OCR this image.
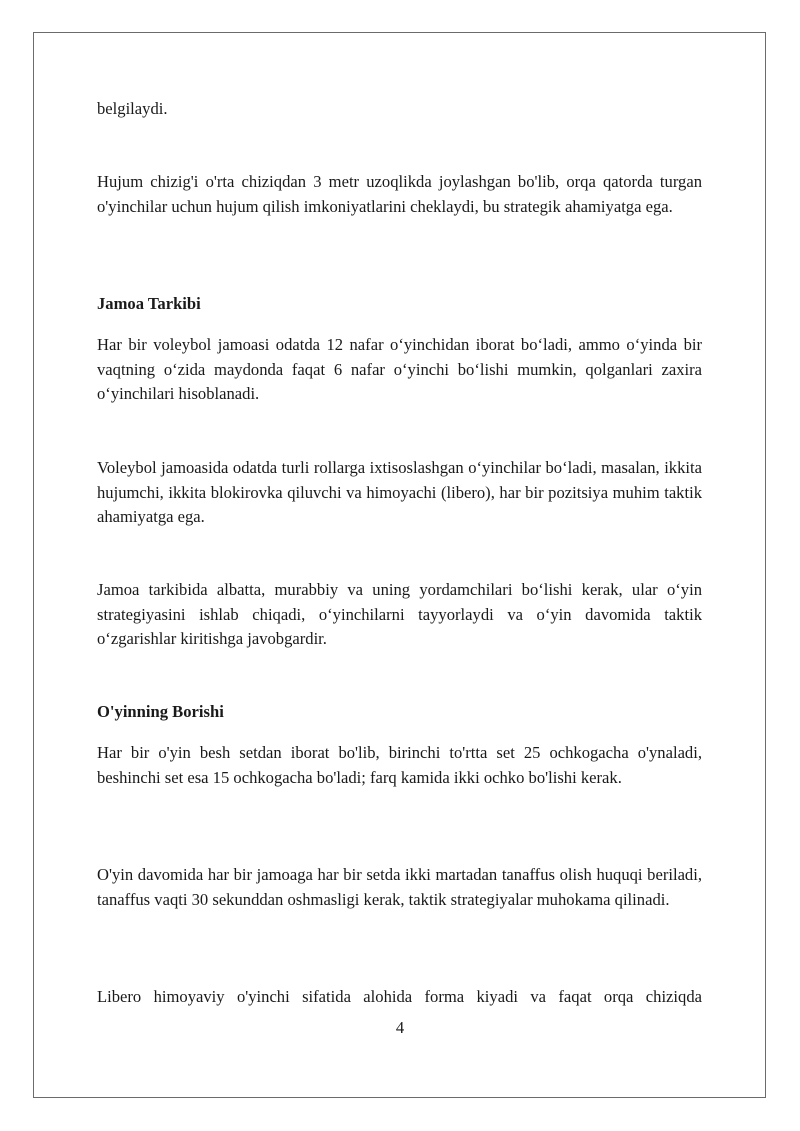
belgilaydi.

Hujum chizig'i o'rta chiziqdan 3 metr uzoqlikda joylashgan bo'lib, orqa qatorda turgan o'yinchilar uchun hujum qilish imkoniyatlarini cheklaydi, bu strategik ahamiyatga ega.

Jamoa Tarkibi

Har bir voleybol jamoasi odatda 12 nafar o‘yinchidan iborat bo‘ladi, ammo o‘yinda bir vaqtning o‘zida maydonda faqat 6 nafar o‘yinchi bo‘lishi mumkin, qolganlari zaxira o‘yinchilari hisoblanadi.

Voleybol jamoasida odatda turli rollarga ixtisoslashgan o‘yinchilar bo‘ladi, masalan, ikkita hujumchi, ikkita blokirovka qiluvchi va himoyachi (libero), har bir pozitsiya muhim taktik ahamiyatga ega.

Jamoa tarkibida albatta, murabbiy va uning yordamchilari bo‘lishi kerak, ular o‘yin strategiyasini ishlab chiqadi, o‘yinchilarni tayyorlaydi va o‘yin davomida taktik o‘zgarishlar kiritishga javobgardir.

O'yinning Borishi

Har bir o'yin besh setdan iborat bo'lib, birinchi to'rtta set 25 ochkogacha o'ynaladi, beshinchi set esa 15 ochkogacha bo'ladi; farq kamida ikki ochko bo'lishi kerak.

O'yin davomida har bir jamoaga har bir setda ikki martadan tanaffus olish huquqi beriladi, tanaffus vaqti 30 sekunddan oshmasligi kerak, taktik strategiyalar muhokama qilinadi.

Libero himoyaviy o'yinchi sifatida alohida forma kiyadi va faqat orqa chiziqda

4
